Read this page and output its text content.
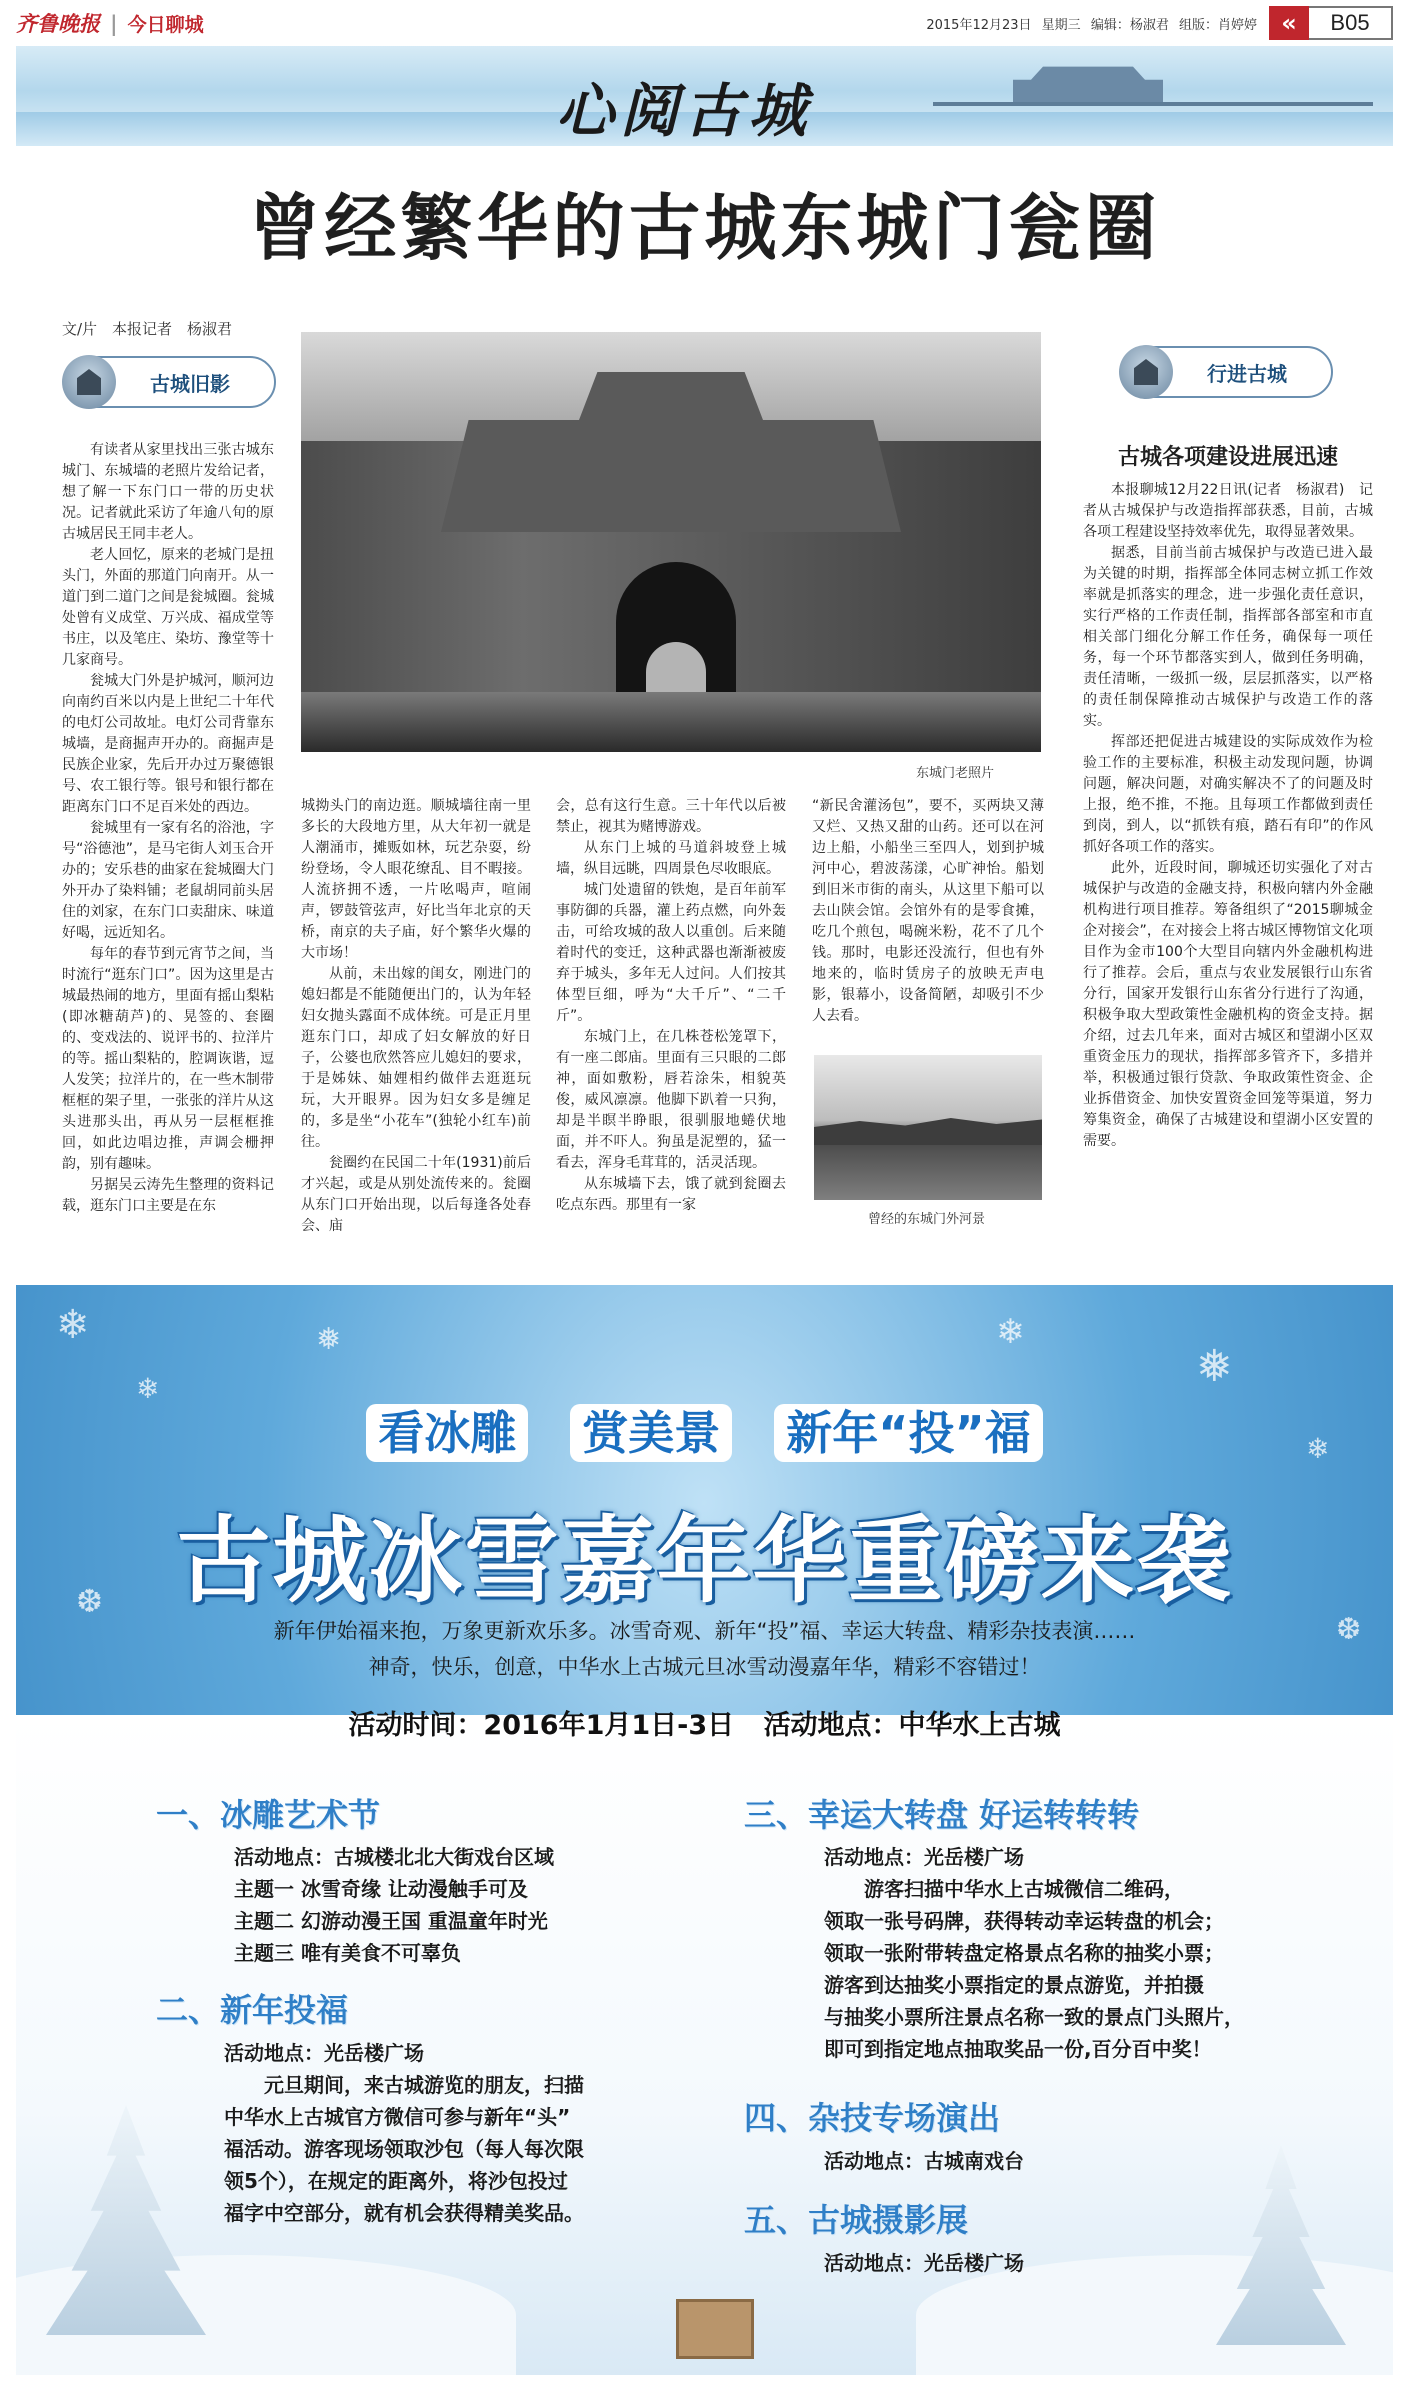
齐鲁晚报 | 今日聊城	2015年12月23日 星期三 编辑：杨淑君 组版：肖婷婷	«	B05
心阅古城
曾经繁华的古城东城门瓮圈
文/片　本报记者　杨淑君
古城旧影
东城门老照片

有读者从家里找出三张古城东城门、东城墙的老照片发给记者，想了解一下东门口一带的历史状况。记者就此采访了年逾八旬的原古城居民王同丰老人。

老人回忆，原来的老城门是扭头门，外面的那道门向南开。从一道门到二道门之间是瓮城圈。瓮城处曾有义成堂、万兴成、福成堂等书庄，以及笔庄、染坊、豫堂等十几家商号。

瓮城大门外是护城河，顺河边向南约百米以内是上世纪二十年代的电灯公司故址。电灯公司背靠东城墙，是商掘声开办的。商掘声是民族企业家，先后开办过万聚德银号、农工银行等。银号和银行都在距离东门口不足百米处的西边。

瓮城里有一家有名的浴池，字号“浴德池”，是马宅街人刘玉合开办的；安乐巷的曲家在瓮城圈大门外开办了染料铺；老鼠胡同前头居住的刘家，在东门口卖甜床、味道好喝，远近知名。

每年的春节到元宵节之间，当时流行“逛东门口”。因为这里是古城最热闹的地方，里面有摇山梨粘(即冰糖葫芦)的、晃签的、套圈的、变戏法的、说评书的、拉洋片的等。摇山梨粘的，腔调诙谐，逗人发笑；拉洋片的，在一些木制带框框的架子里，一张张的洋片从这头进那头出，再从另一层框框推回，如此边唱边推，声调会栅押韵，别有趣味。

另据吴云涛先生整理的资料记载，逛东门口主要是在东

城拗头门的南边逛。顺城墙往南一里多长的大段地方里，从大年初一就是人潮涌市，摊贩如林，玩艺杂耍，纷纷登场，令人眼花缭乱、目不暇接。人流挤拥不透，一片吆喝声，喧闹声，锣鼓管弦声，好比当年北京的天桥，南京的夫子庙，好个繁华火爆的大市场！

从前，未出嫁的闺女，刚进门的媳妇都是不能随便出门的，认为年轻妇女抛头露面不成体统。可是正月里逛东门口，却成了妇女解放的好日子，公婆也欣然答应儿媳妇的要求，于是姊妹、妯娌相约做伴去逛逛玩玩，大开眼界。因为妇女多是缠足的，多是坐“小花车”(独轮小红车)前往。

瓮圈约在民国二十年(1931)前后才兴起，或是从别处流传来的。瓮圈从东门口开始出现，以后每逢各处春会、庙

会，总有这行生意。三十年代以后被禁止，视其为赌博游戏。

从东门上城的马道斜坡登上城墙，纵目远眺，四周景色尽收眼底。

城门处遗留的铁炮，是百年前军事防御的兵器，灌上药点燃，向外轰击，可给攻城的敌人以重创。后来随着时代的变迁，这种武器也渐渐被废弃于城头，多年无人过问。人们按其体型巨细，呼为“大千斤”、“二千斤”。

东城门上，在几株苍松笼罩下，有一座二郎庙。里面有三只眼的二郎神，面如敷粉，唇若涂朱，相貌英俊，威风凛凛。他脚下趴着一只狗，却是半瞑半睁眼，很驯服地蜷伏地面，并不吓人。狗虽是泥塑的，猛一看去，浑身毛茸茸的，活灵活现。

从东城墙下去，饿了就到瓮圈去吃点东西。那里有一家

“新民舍灌汤包”，要不，买两块又薄又烂、又热又甜的山药。还可以在河边上船，小船坐三至四人，划到护城河中心，碧波荡漾，心旷神怡。船划到旧米市街的南头，从这里下船可以去山陕会馆。会馆外有的是零食摊，吃几个煎包，喝碗米粉，花不了几个钱。那时，电影还没流行，但也有外地来的，临时赁房子的放映无声电影，银幕小，设备简陋，却吸引不少人去看。

曾经的东城门外河景
行进古城
古城各项建设进展迅速

本报聊城12月22日讯(记者　杨淑君)　记者从古城保护与改造指挥部获悉，目前，古城各项工程建设坚持效率优先，取得显著效果。

据悉，目前当前古城保护与改造已进入最为关键的时期，指挥部全体同志树立抓工作效率就是抓落实的理念，进一步强化责任意识，实行严格的工作责任制，指挥部各部室和市直相关部门细化分解工作任务，确保每一项任务，每一个环节都落实到人，做到任务明确，责任清晰，一级抓一级，层层抓落实，以严格的责任制保障推动古城保护与改造工作的落实。

挥部还把促进古城建设的实际成效作为检验工作的主要标准，积极主动发现问题，协调问题，解决问题，对确实解决不了的问题及时上报，绝不推，不拖。且每项工作都做到责任到岗，到人，以“抓铁有痕，踏石有印”的作风抓好各项工作的落实。

此外，近段时间，聊城还切实强化了对古城保护与改造的金融支持，积极向辖内外金融机构进行项目推荐。筹备组织了“2015聊城金企对接会”，在对接会上将古城区博物馆文化项目作为金市100个大型目向辖内外金融机构进行了推荐。会后，重点与农业发展银行山东省分行，国家开发银行山东省分行进行了沟通，积极争取大型政策性金融机构的资金支持。据介绍，过去几年来，面对古城区和望湖小区双重资金压力的现状，指挥部多管齐下，多措并举，积极通过银行贷款、争取政策性资金、企业拆借资金、加快安置资金回笼等渠道，努力筹集资金，确保了古城建设和望湖小区安置的需要。

❄
❄
❅	❄
❅
❄
❆
❆
看冰雕 赏美景 新年“投”福
古城冰雪嘉年华重磅来袭
新年伊始福来抱，万象更新欢乐多。冰雪奇观、新年“投”福、幸运大转盘、精彩杂技表演……
神奇，快乐，创意，中华水上古城元旦冰雪动漫嘉年华，精彩不容错过！
活动时间：2016年1月1日-3日 活动地点：中华水上古城
一、冰雕艺术节
活动地点：古城楼北北大街戏台区域
主题一 冰雪奇缘 让动漫触手可及
主题二 幻游动漫王国 重温童年时光
主题三 唯有美食不可辜负
二、新年投福
活动地点：光岳楼广场
　　元旦期间，来古城游览的朋友，扫描
中华水上古城官方微信可参与新年“头”
福活动。游客现场领取沙包（每人每次限
领5个），在规定的距离外，将沙包投过
福字中空部分，就有机会获得精美奖品。
三、幸运大转盘 好运转转转
活动地点：光岳楼广场
　　游客扫描中华水上古城微信二维码，
领取一张号码牌，获得转动幸运转盘的机会；
领取一张附带转盘定格景点名称的抽奖小票；
游客到达抽奖小票指定的景点游览，并拍摄
与抽奖小票所注景点名称一致的景点门头照片，
即可到指定地点抽取奖品一份,百分百中奖！
四、杂技专场演出
活动地点：古城南戏台
五、古城摄影展
活动地点：光岳楼广场
